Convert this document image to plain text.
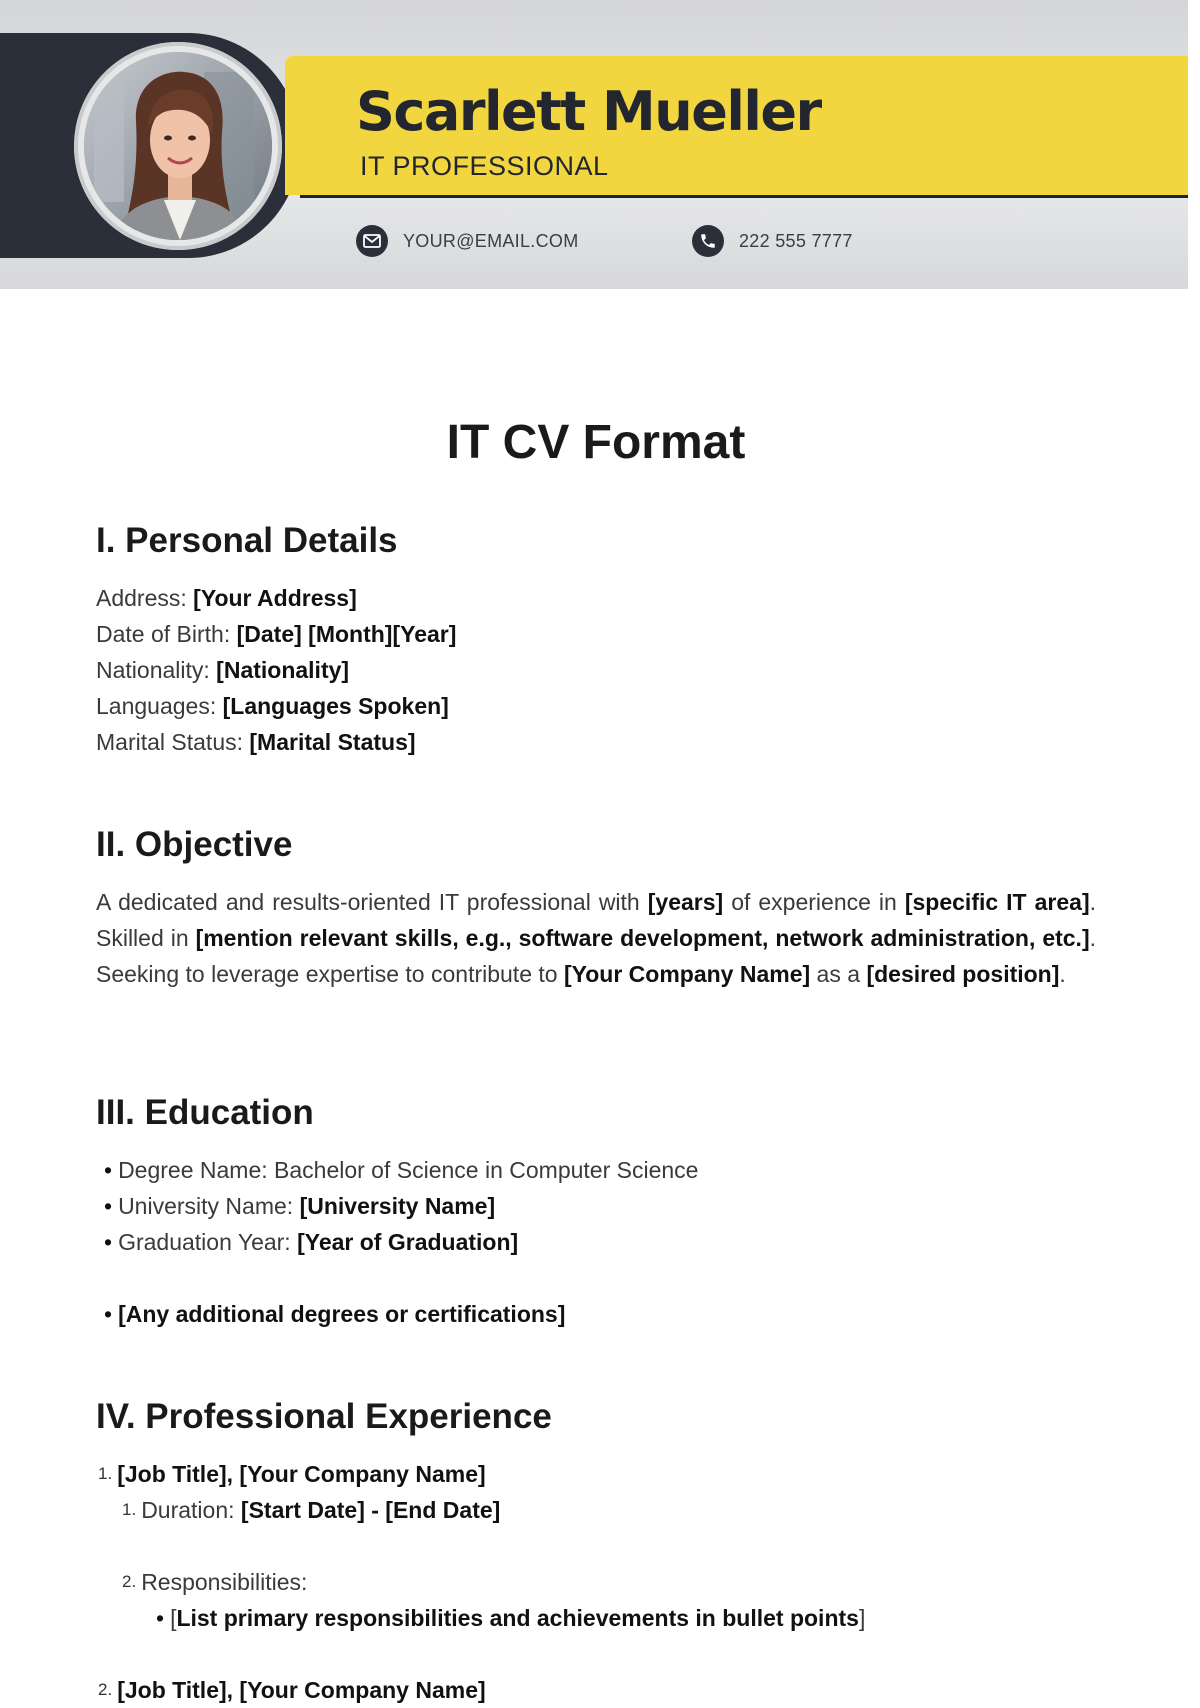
Scarlett Mueller
IT PROFESSIONAL
YOUR@EMAIL.COM	222 555 7777
IT CV Format
I. Personal Details
Address: [Your Address]
Date of Birth: [Date] [Month][Year]
Nationality: [Nationality]
Languages: [Languages Spoken]
Marital Status: [Marital Status]
II. Objective
A dedicated and results-oriented IT professional with [years] of experience in [specific IT area]. Skilled in [mention relevant skills, e.g., software development, network administration, etc.]. Seeking to leverage expertise to contribute to [Your Company Name] as a [desired position].
III. Education
• Degree Name: Bachelor of Science in Computer Science
• University Name: [University Name]
• Graduation Year: [Year of Graduation]
• [Any additional degrees or certifications]
IV. Professional Experience
1. [Job Title], [Your Company Name]
1. Duration: [Start Date] - [End Date]
2. Responsibilities:
• [List primary responsibilities and achievements in bullet points]
2. [Job Title], [Your Company Name]
